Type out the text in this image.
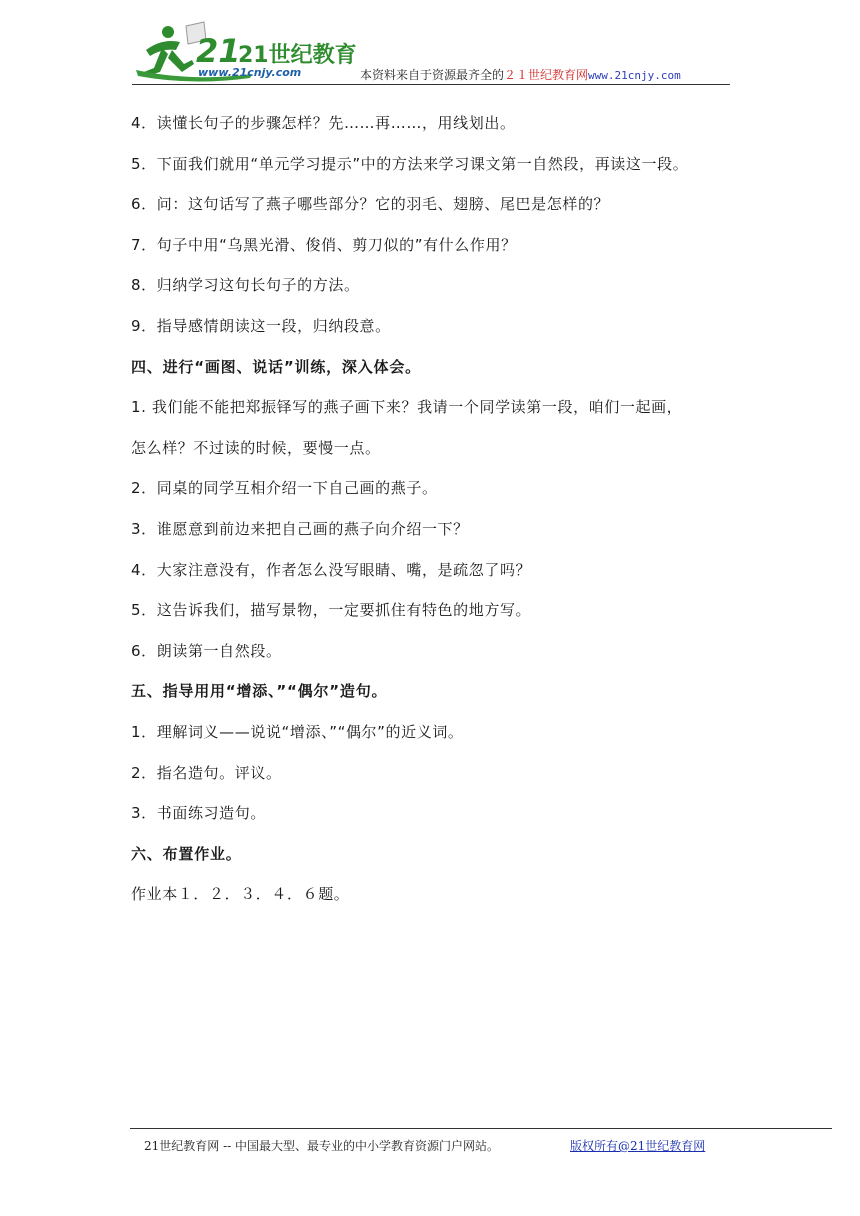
21
21世纪教育
www.21cnjy.com	本资料来自于资源最齐全的２１世纪教育网www.21cnjy.com
4．读懂长句子的步骤怎样？先……再……，用线划出。
5．下面我们就用“单元学习提示”中的方法来学习课文第一自然段，再读这一段。
6．问：这句话写了燕子哪些部分？它的羽毛、翅膀、尾巴是怎样的？
7．句子中用“乌黑光滑、俊俏、剪刀似的”有什么作用？
8．归纳学习这句长句子的方法。
9．指导感情朗读这一段，归纳段意。
四、进行“画图、说话”训练，深入体会。
1. 我们能不能把郑振铎写的燕子画下来？我请一个同学读第一段，咱们一起画，
怎么样？不过读的时候，要慢一点。
2．同桌的同学互相介绍一下自己画的燕子。
3．谁愿意到前边来把自己画的燕子向介绍一下？
4．大家注意没有，作者怎么没写眼睛、嘴，是疏忽了吗？
5．这告诉我们，描写景物，一定要抓住有特色的地方写。
6．朗读第一自然段。
五、指导用用“增添、”“偶尔”造句。
1．理解词义——说说“增添、”“偶尔”的近义词。
2．指名造句。评议。
3．书面练习造句。
六、布置作业。
作业本１．２．３．４．６题。
21世纪教育网 -- 中国最大型、最专业的中小学教育资源门户网站。	版权所有@21世纪教育网
